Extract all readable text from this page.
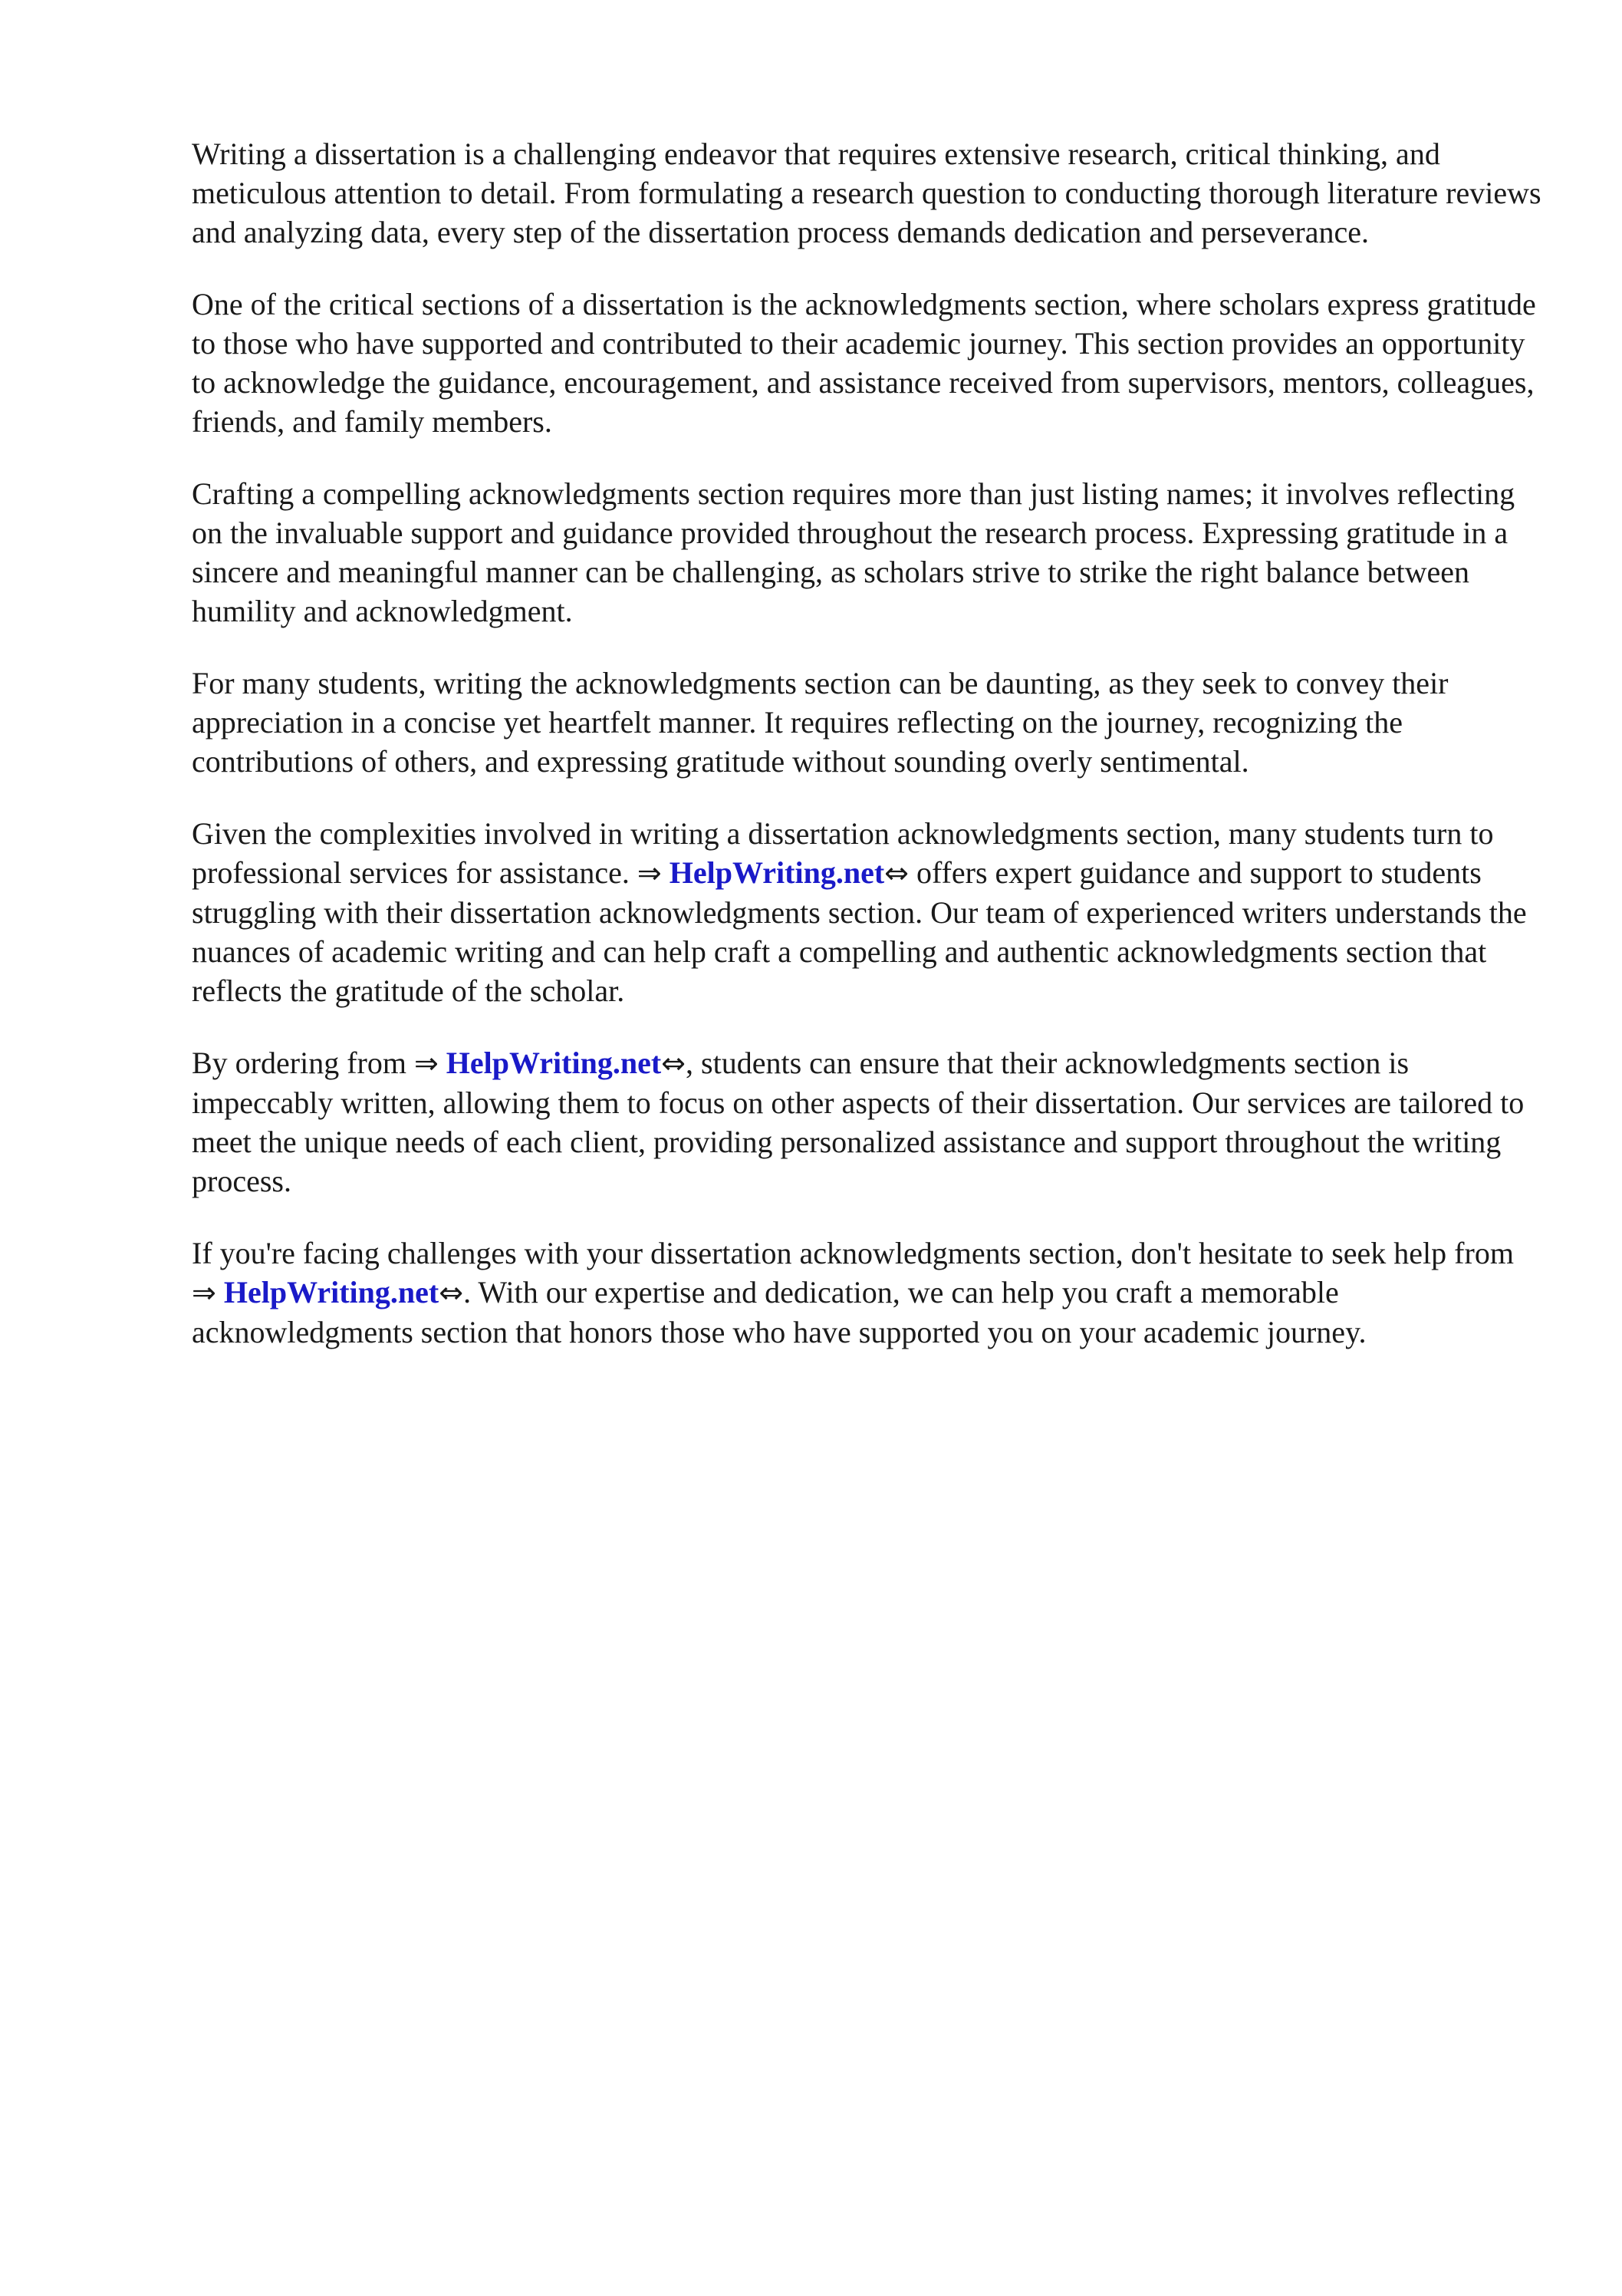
Writing a dissertation is a challenging endeavor that requires extensive research, critical thinking, and meticulous attention to detail. From formulating a research question to conducting thorough literature reviews and analyzing data, every step of the dissertation process demands dedication and perseverance.

One of the critical sections of a dissertation is the acknowledgments section, where scholars express gratitude to those who have supported and contributed to their academic journey. This section provides an opportunity to acknowledge the guidance, encouragement, and assistance received from supervisors, mentors, colleagues, friends, and family members.

Crafting a compelling acknowledgments section requires more than just listing names; it involves reflecting on the invaluable support and guidance provided throughout the research process. Expressing gratitude in a sincere and meaningful manner can be challenging, as scholars strive to strike the right balance between humility and acknowledgment.

For many students, writing the acknowledgments section can be daunting, as they seek to convey their appreciation in a concise yet heartfelt manner. It requires reflecting on the journey, recognizing the contributions of others, and expressing gratitude without sounding overly sentimental.

Given the complexities involved in writing a dissertation acknowledgments section, many students turn to professional services for assistance. ⇒ HelpWriting.net⇔ offers expert guidance and support to students struggling with their dissertation acknowledgments section. Our team of experienced writers understands the nuances of academic writing and can help craft a compelling and authentic acknowledgments section that reflects the gratitude of the scholar.

By ordering from ⇒ HelpWriting.net⇔, students can ensure that their acknowledgments section is impeccably written, allowing them to focus on other aspects of their dissertation. Our services are tailored to meet the unique needs of each client, providing personalized assistance and support throughout the writing process.

If you're facing challenges with your dissertation acknowledgments section, don't hesitate to seek help from ⇒ HelpWriting.net⇔. With our expertise and dedication, we can help you craft a memorable acknowledgments section that honors those who have supported you on your academic journey.
